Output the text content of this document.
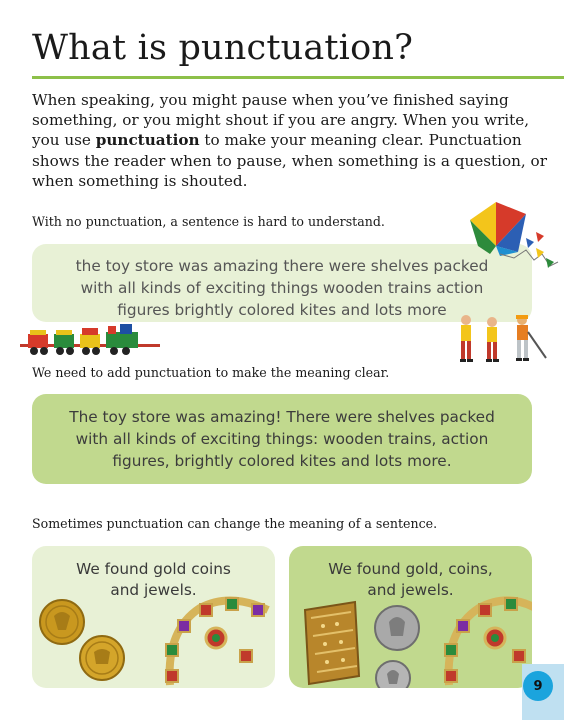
What is punctuation?

When speaking, you might pause when you’ve finished saying something, or you might shout if you are angry. When you write, you use punctuation to make your meaning clear. Punctuation shows the reader when to pause, when something is a question, or when something is shouted.

With no punctuation, a sentence is hard to understand.

the toy store was amazing there were shelves packed

with all kinds of exciting things wooden trains action

figures brightly colored kites and lots more

We need to add punctuation to make the meaning clear.

The toy store was amazing! There were shelves packed

with all kinds of exciting things: wooden trains, action

figures, brightly colored kites and lots more.

Sometimes punctuation can change the meaning of a sentence.

We found gold coins

and jewels.

We found gold, coins,

and jewels.

9
